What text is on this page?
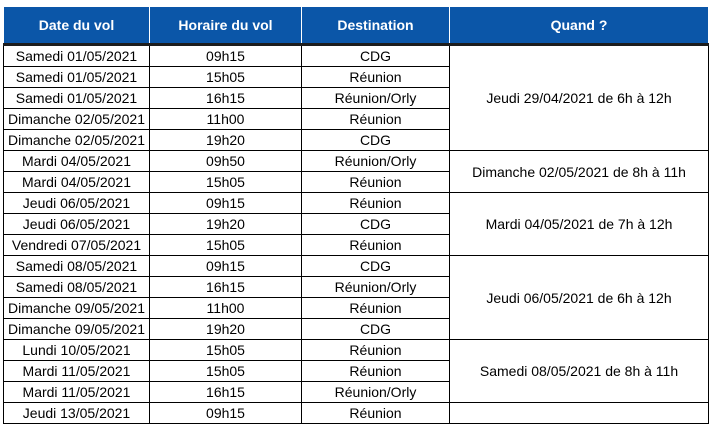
Date du vol	Horaire du vol	Destination	Quand ?
Samedi 01/05/2021	09h15	CDG	Jeudi 29/04/2021 de 6h à 12h
Samedi 01/05/2021	15h05	Réunion	
Samedi 01/05/2021	16h15	Réunion/Orly	
Dimanche 02/05/2021	11h00	Réunion	
Dimanche 02/05/2021	19h20	CDG	
Mardi 04/05/2021	09h50	Réunion/Orly	Dimanche 02/05/2021 de 8h à 11h
Mardi 04/05/2021	15h05	Réunion	
Jeudi 06/05/2021	09h15	Réunion	Mardi 04/05/2021 de 7h à 12h
Jeudi 06/05/2021	19h20	CDG	
Vendredi 07/05/2021	15h05	Réunion	
Samedi 08/05/2021	09h15	CDG	Jeudi 06/05/2021 de 6h à 12h
Samedi 08/05/2021	16h15	Réunion/Orly	
Dimanche 09/05/2021	11h00	Réunion	
Dimanche 09/05/2021	19h20	CDG	
Lundi 10/05/2021	15h05	Réunion	Samedi 08/05/2021 de 8h à 11h
Mardi 11/05/2021	15h05	Réunion	
Mardi 11/05/2021	16h15	Réunion/Orly	
Jeudi 13/05/2021	09h15	Réunion	
